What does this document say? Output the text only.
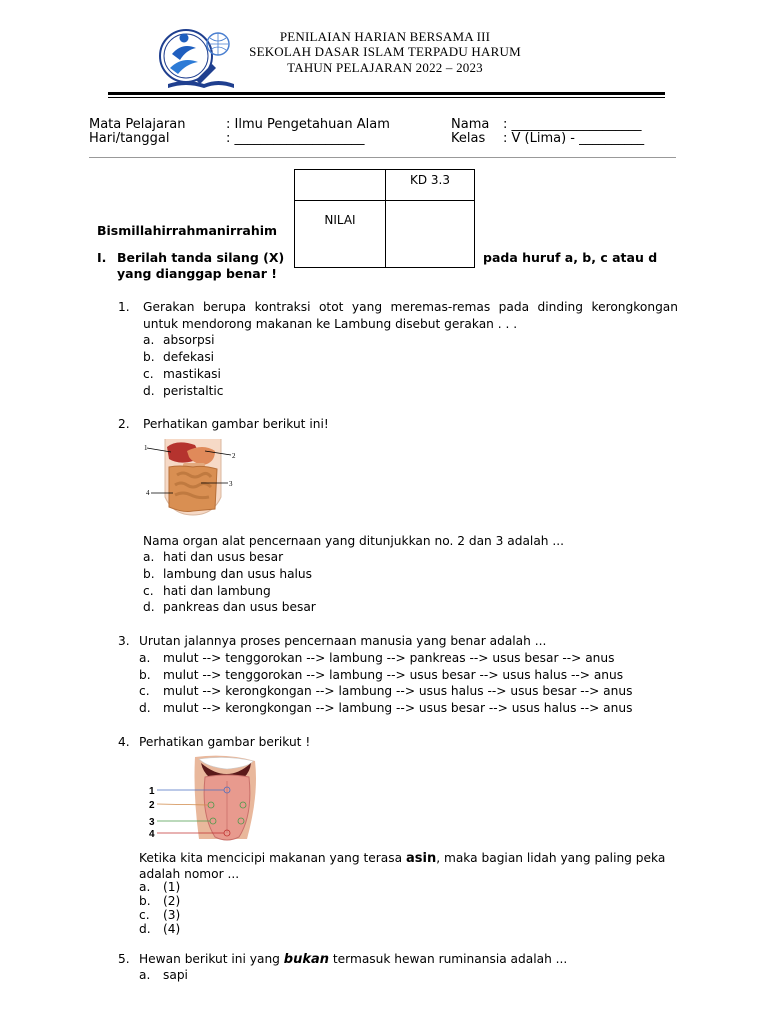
PENILAIAN HARIAN BERSAMA III
SEKOLAH DASAR ISLAM TERPADU HARUM
TAHUN PELAJARAN 2022 – 2023
Mata Pelajaran	: Ilmu Pengetahuan Alam
Hari/tanggal	: ____________________
Nama : ____________________
Kelas : V (Lima) - __________
	KD 3.3
NILAI	
Bismillahirrahmanirrahim
I. Berilah tanda silang (X)	pada huruf a, b, c atau d
yang dianggap benar !
1. Gerakan berupa kontraksi otot yang meremas-remas pada dinding kerongkongan
untuk mendorong makanan ke Lambung disebut gerakan . . .
a. absorpsi
b. defekasi
c. mastikasi
d. peristaltic
2. Perhatikan gambar berikut ini!
1
2
3
4
Nama organ alat pencernaan yang ditunjukkan no. 2 dan 3 adalah ...
a. hati dan usus besar
b. lambung dan usus halus
c. hati dan lambung
d. pankreas dan usus besar
3. Urutan jalannya proses pencernaan manusia yang benar adalah ...
a. mulut --> tenggorokan --> lambung --> pankreas --> usus besar --> anus
b. mulut --> tenggorokan --> lambung --> usus besar --> usus halus --> anus
c. mulut --> kerongkongan --> lambung --> usus halus --> usus besar --> anus
d. mulut --> kerongkongan --> lambung --> usus besar --> usus halus --> anus
4. Perhatikan gambar berikut !
1
2
3
4
Ketika kita mencicipi makanan yang terasa asin, maka bagian lidah yang paling peka
adalah nomor ...
a. (1)
b. (2)
c. (3)
d. (4)
5. Hewan berikut ini yang bukan termasuk hewan ruminansia adalah ...
a. sapi
